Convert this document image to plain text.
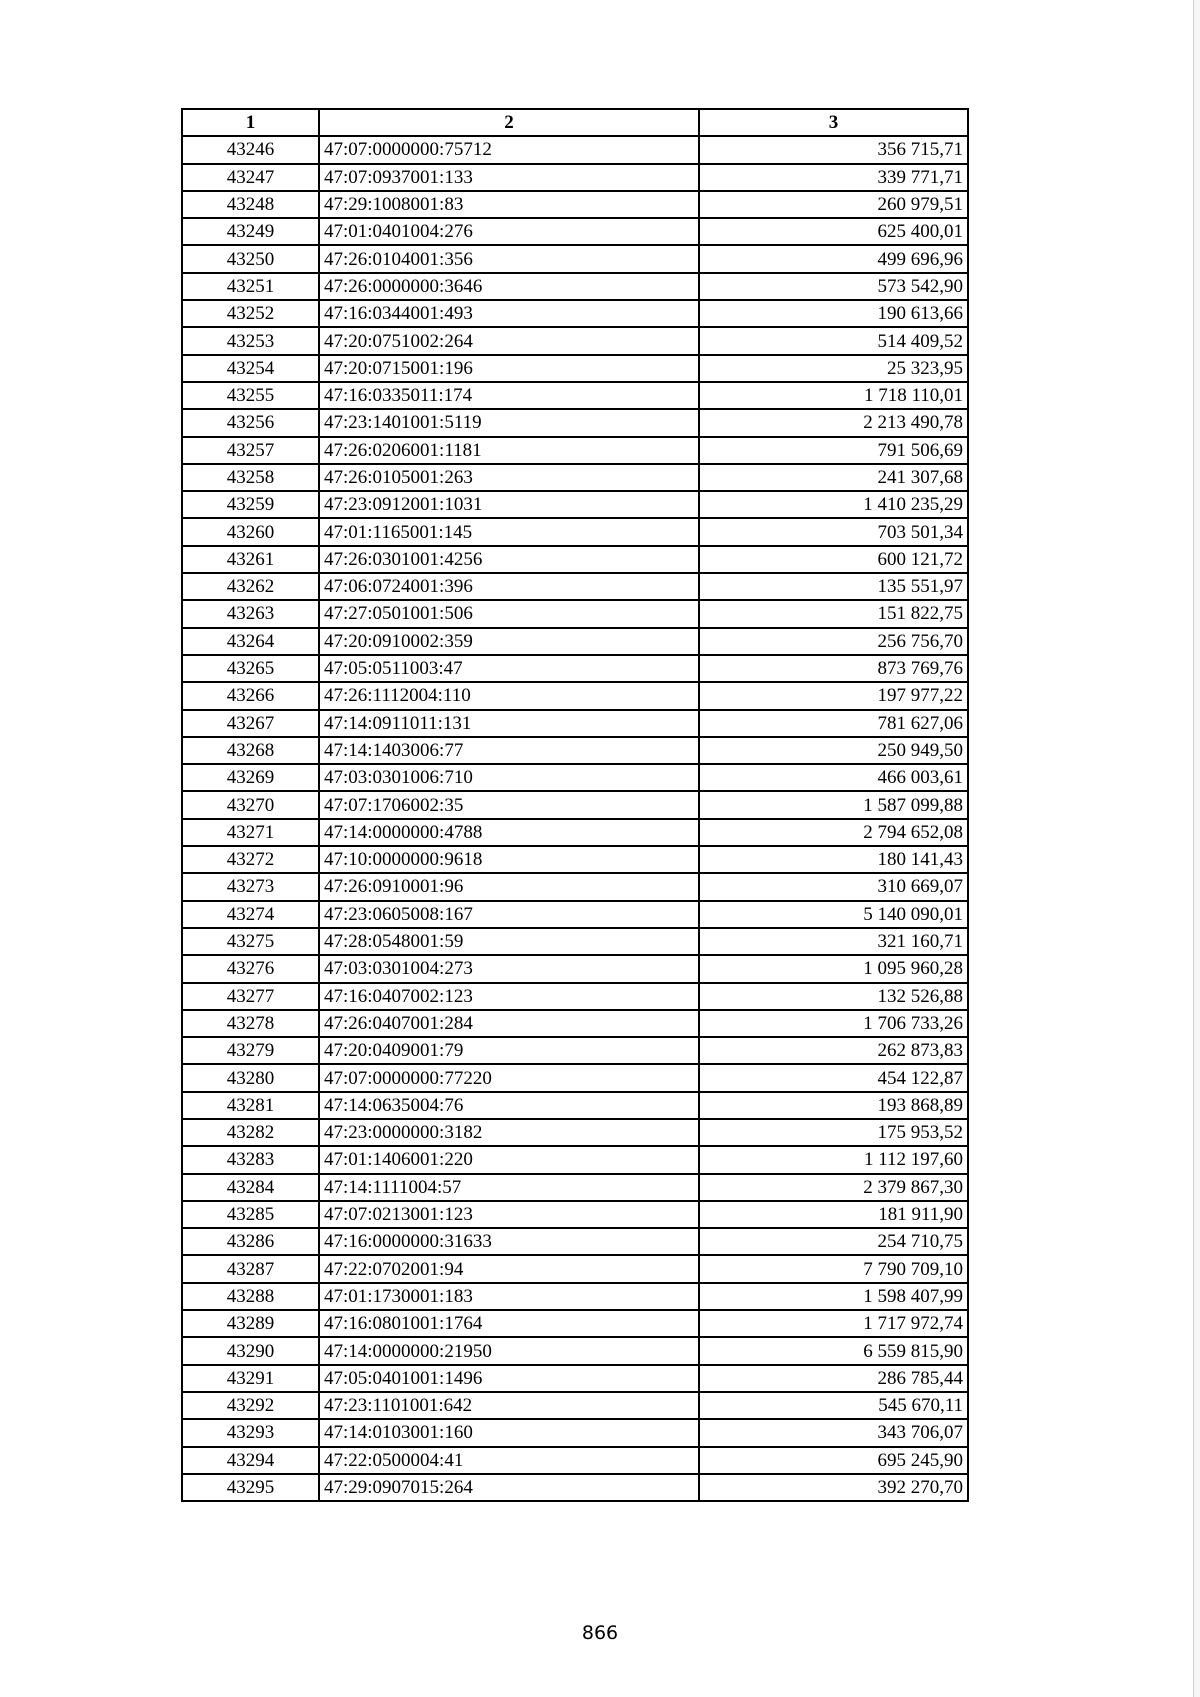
1	2	3
43246	47:07:0000000:75712	356 715,71
43247	47:07:0937001:133	339 771,71
43248	47:29:1008001:83	260 979,51
43249	47:01:0401004:276	625 400,01
43250	47:26:0104001:356	499 696,96
43251	47:26:0000000:3646	573 542,90
43252	47:16:0344001:493	190 613,66
43253	47:20:0751002:264	514 409,52
43254	47:20:0715001:196	25 323,95
43255	47:16:0335011:174	1 718 110,01
43256	47:23:1401001:5119	2 213 490,78
43257	47:26:0206001:1181	791 506,69
43258	47:26:0105001:263	241 307,68
43259	47:23:0912001:1031	1 410 235,29
43260	47:01:1165001:145	703 501,34
43261	47:26:0301001:4256	600 121,72
43262	47:06:0724001:396	135 551,97
43263	47:27:0501001:506	151 822,75
43264	47:20:0910002:359	256 756,70
43265	47:05:0511003:47	873 769,76
43266	47:26:1112004:110	197 977,22
43267	47:14:0911011:131	781 627,06
43268	47:14:1403006:77	250 949,50
43269	47:03:0301006:710	466 003,61
43270	47:07:1706002:35	1 587 099,88
43271	47:14:0000000:4788	2 794 652,08
43272	47:10:0000000:9618	180 141,43
43273	47:26:0910001:96	310 669,07
43274	47:23:0605008:167	5 140 090,01
43275	47:28:0548001:59	321 160,71
43276	47:03:0301004:273	1 095 960,28
43277	47:16:0407002:123	132 526,88
43278	47:26:0407001:284	1 706 733,26
43279	47:20:0409001:79	262 873,83
43280	47:07:0000000:77220	454 122,87
43281	47:14:0635004:76	193 868,89
43282	47:23:0000000:3182	175 953,52
43283	47:01:1406001:220	1 112 197,60
43284	47:14:1111004:57	2 379 867,30
43285	47:07:0213001:123	181 911,90
43286	47:16:0000000:31633	254 710,75
43287	47:22:0702001:94	7 790 709,10
43288	47:01:1730001:183	1 598 407,99
43289	47:16:0801001:1764	1 717 972,74
43290	47:14:0000000:21950	6 559 815,90
43291	47:05:0401001:1496	286 785,44
43292	47:23:1101001:642	545 670,11
43293	47:14:0103001:160	343 706,07
43294	47:22:0500004:41	695 245,90
43295	47:29:0907015:264	392 270,70
866
